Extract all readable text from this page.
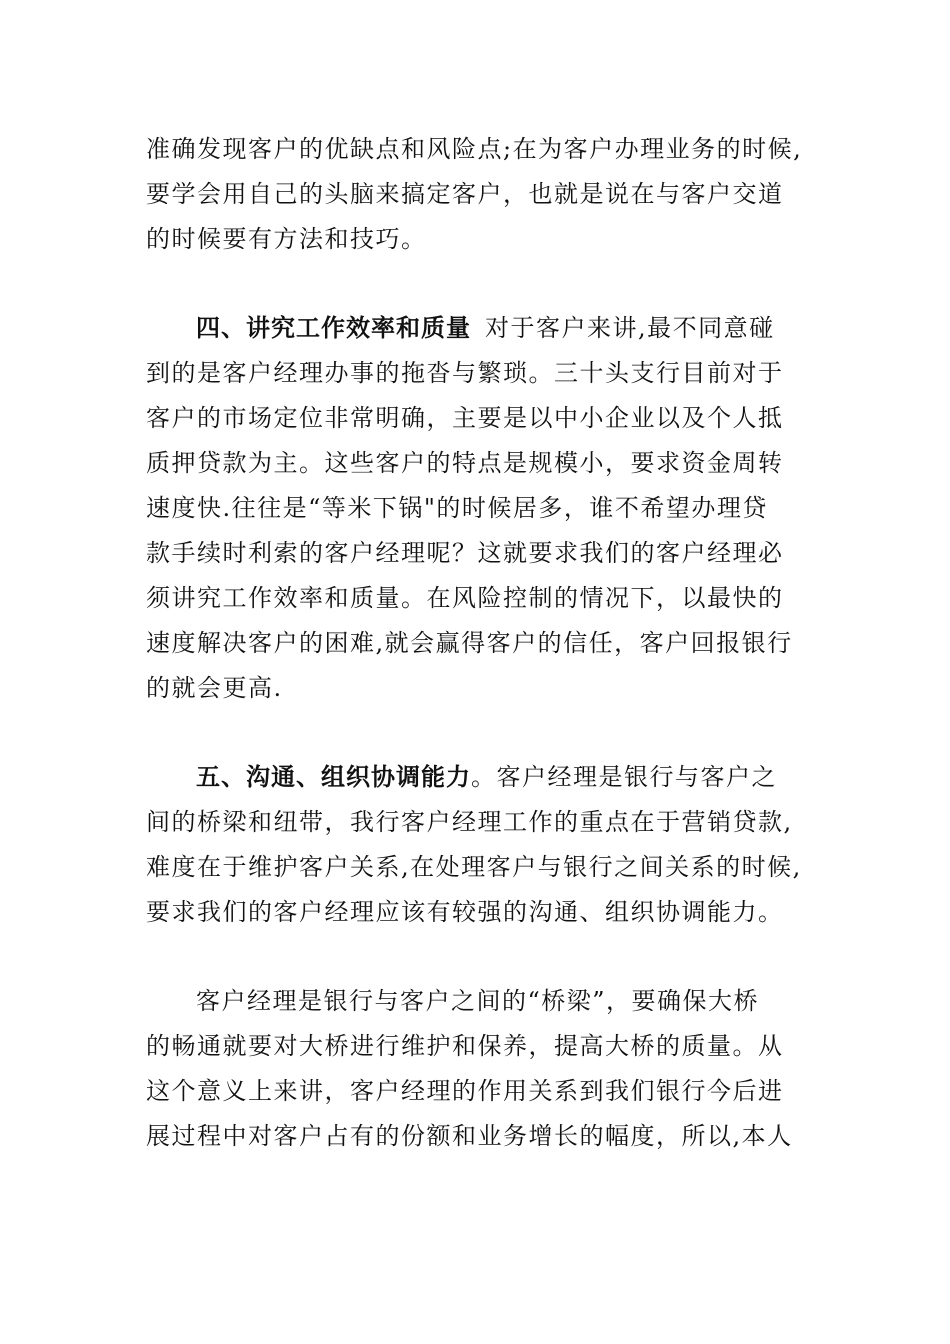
准确发现客户的优缺点和风险点;在为客户办理业务的时候,
要学会用自己的头脑来搞定客户，也就是说在与客户交道
的时候要有方法和技巧。
四、讲究工作效率和质量 对于客户来讲,最不同意碰
到的是客户经理办事的拖沓与繁琐。三十头支行目前对于
客户的市场定位非常明确，主要是以中小企业以及个人抵
质押贷款为主。这些客户的特点是规模小，要求资金周转
速度快.往往是“等米下锅"的时候居多，谁不希望办理贷
款手续时利索的客户经理呢？这就要求我们的客户经理必
须讲究工作效率和质量。在风险控制的情况下，以最快的
速度解决客户的困难,就会赢得客户的信任，客户回报银行
的就会更高.
五、沟通、组织协调能力。客户经理是银行与客户之
间的桥梁和纽带，我行客户经理工作的重点在于营销贷款,
难度在于维护客户关系,在处理客户与银行之间关系的时候,
要求我们的客户经理应该有较强的沟通、组织协调能力。
客户经理是银行与客户之间的“桥梁”，要确保大桥
的畅通就要对大桥进行维护和保养，提高大桥的质量。从
这个意义上来讲，客户经理的作用关系到我们银行今后进
展过程中对客户占有的份额和业务增长的幅度，所以,本人
